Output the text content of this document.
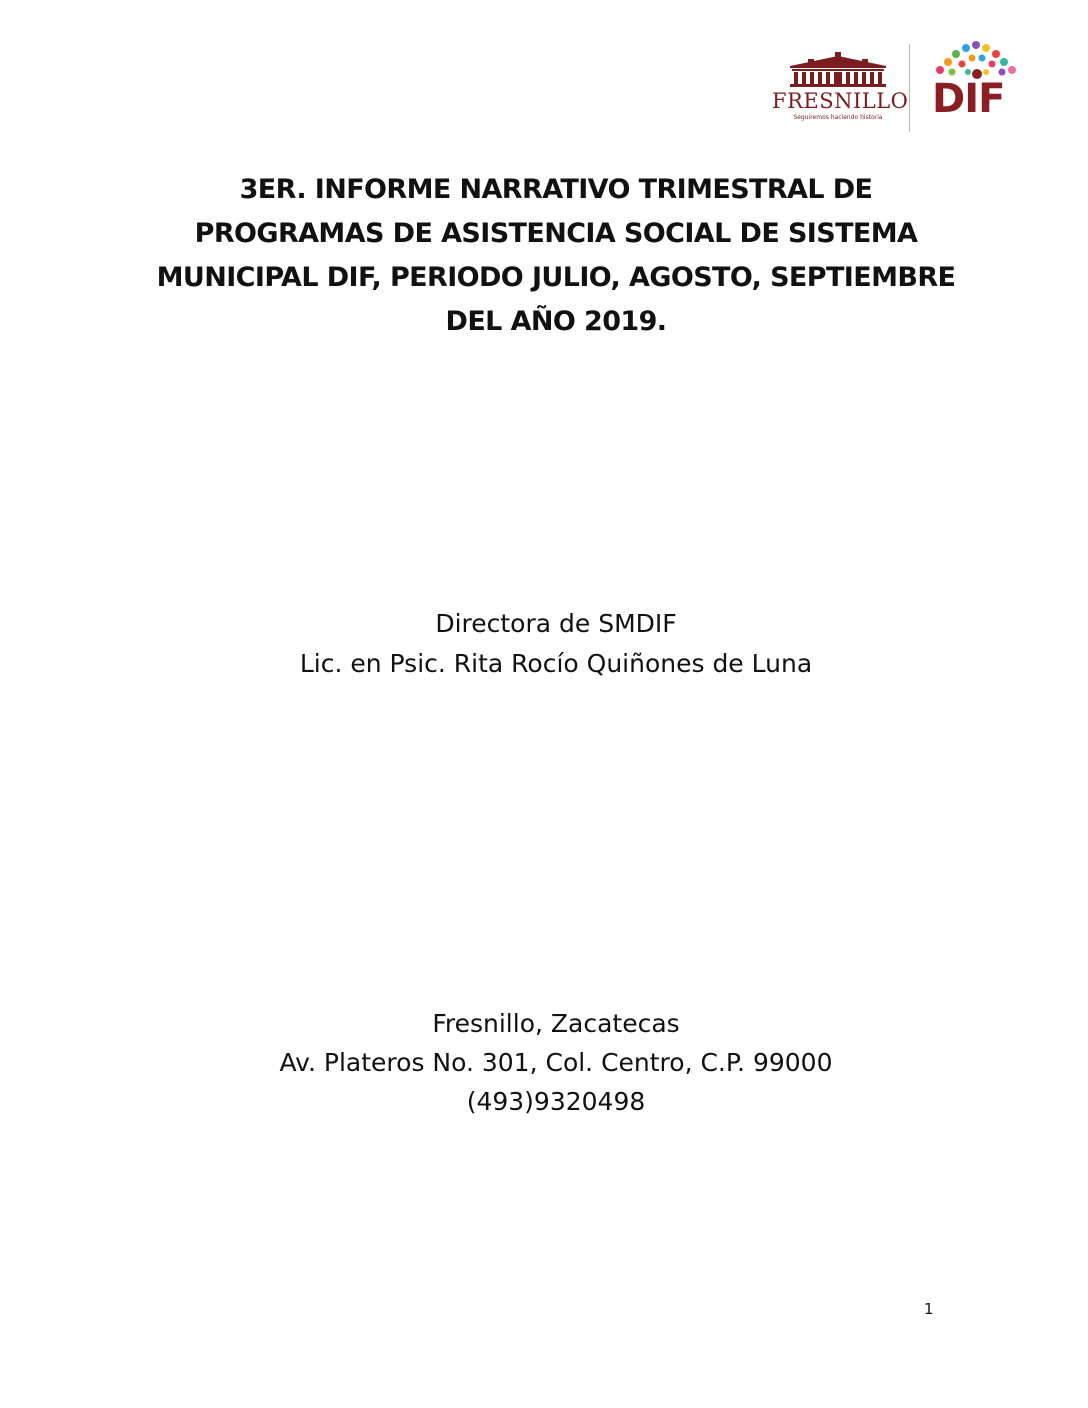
FRESNILLO
Seguiremos haciendo historia	DIF
3ER. INFORME NARRATIVO TRIMESTRAL DE
PROGRAMAS DE ASISTENCIA SOCIAL DE SISTEMA
MUNICIPAL DIF, PERIODO JULIO, AGOSTO, SEPTIEMBRE
DEL AÑO 2019.
Directora de SMDIF
Lic. en Psic. Rita Rocío Quiñones de Luna
Fresnillo, Zacatecas
Av. Plateros No. 301, Col. Centro, C.P. 99000
(493)9320498
1
